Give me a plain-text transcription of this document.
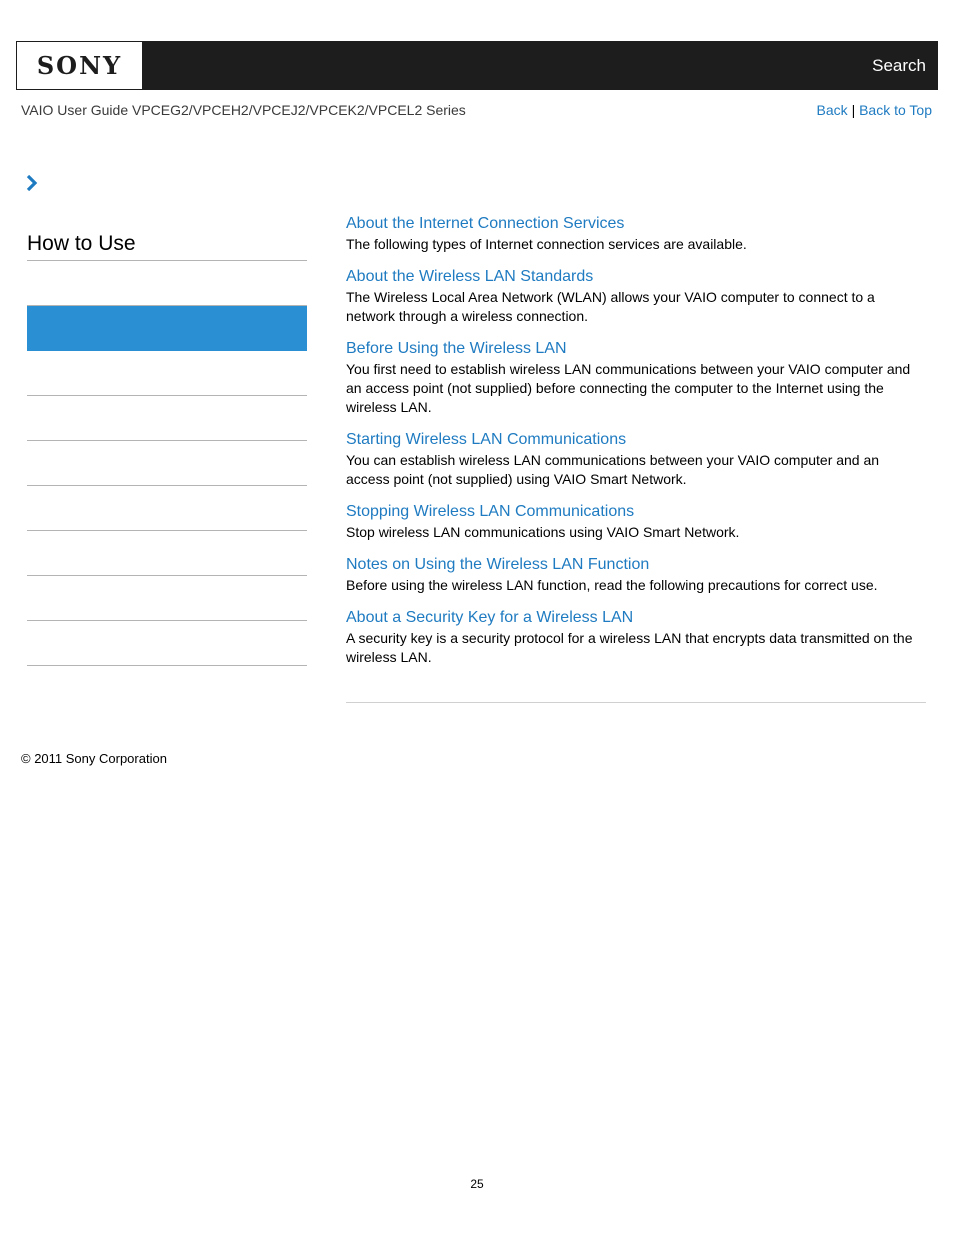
SONY	Search
VAIO User Guide VPCEG2/VPCEH2/VPCEJ2/VPCEK2/VPCEL2 Series	Back | Back to Top
How to Use
About the Internet Connection Services
The following types of Internet connection services are available.
About the Wireless LAN Standards
The Wireless Local Area Network (WLAN) allows your VAIO computer to connect to a network through a wireless connection.
Before Using the Wireless LAN
You first need to establish wireless LAN communications between your VAIO computer and an access point (not supplied) before connecting the computer to the Internet using the wireless LAN.
Starting Wireless LAN Communications
You can establish wireless LAN communications between your VAIO computer and an access point (not supplied) using VAIO Smart Network.
Stopping Wireless LAN Communications
Stop wireless LAN communications using VAIO Smart Network.
Notes on Using the Wireless LAN Function
Before using the wireless LAN function, read the following precautions for correct use.
About a Security Key for a Wireless LAN
A security key is a security protocol for a wireless LAN that encrypts data transmitted on the wireless LAN.
© 2011 Sony Corporation
25
